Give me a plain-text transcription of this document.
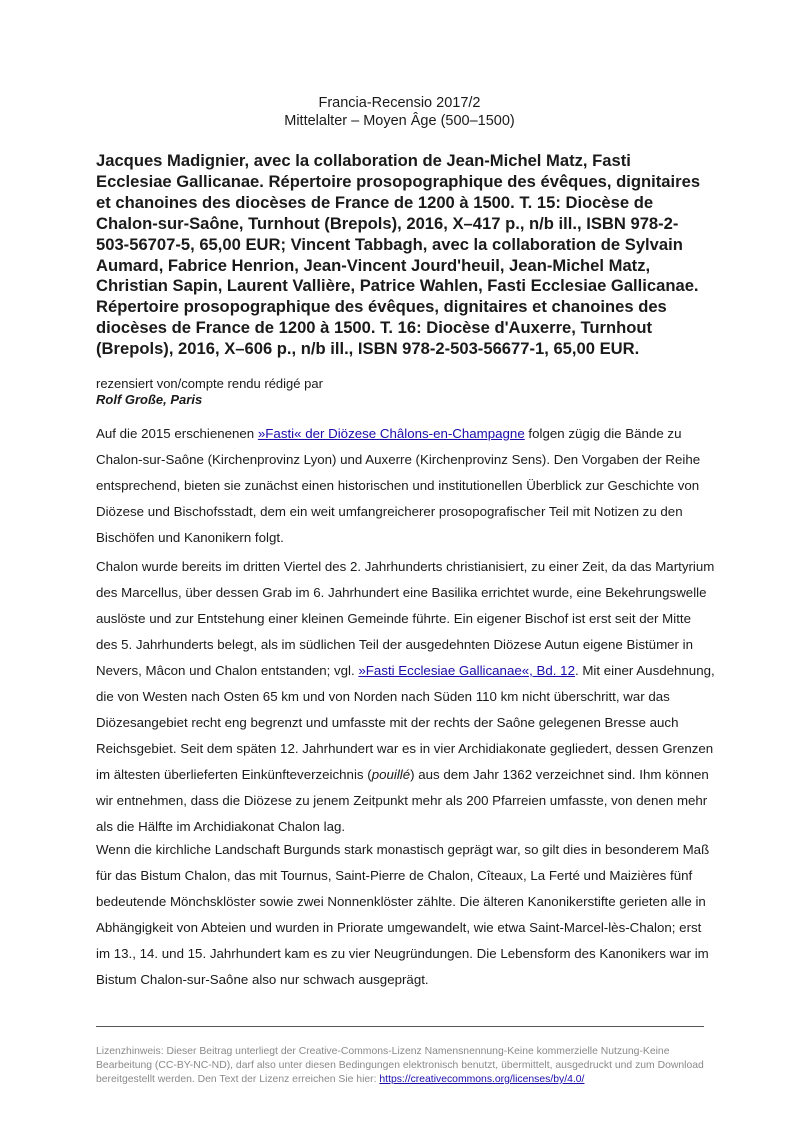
Francia-Recensio 2017/2
Mittelalter – Moyen Âge (500–1500)
Jacques Madignier, avec la collaboration de Jean-Michel Matz, Fasti Ecclesiae Gallicanae. Répertoire prosopographique des évêques, dignitaires et chanoines des diocèses de France de 1200 à 1500. T. 15: Diocèse de Chalon-sur-Saône, Turnhout (Brepols), 2016, X–417 p., n/b ill., ISBN 978-2-503-56707-5, 65,00 EUR; Vincent Tabbagh, avec la collaboration de Sylvain Aumard, Fabrice Henrion, Jean-Vincent Jourd'heuil, Jean-Michel Matz, Christian Sapin, Laurent Vallière, Patrice Wahlen, Fasti Ecclesiae Gallicanae. Répertoire prosopographique des évêques, dignitaires et chanoines des diocèses de France de 1200 à 1500. T. 16: Diocèse d'Auxerre, Turnhout (Brepols), 2016, X–606 p., n/b ill., ISBN 978-2-503-56677-1, 65,00 EUR.
rezensiert von/compte rendu rédigé par
Rolf Große, Paris
Auf die 2015 erschienenen »Fasti« der Diözese Châlons-en-Champagne folgen zügig die Bände zu Chalon-sur-Saône (Kirchenprovinz Lyon) und Auxerre (Kirchenprovinz Sens). Den Vorgaben der Reihe entsprechend, bieten sie zunächst einen historischen und institutionellen Überblick zur Geschichte von Diözese und Bischofsstadt, dem ein weit umfangreicherer prosopografischer Teil mit Notizen zu den Bischöfen und Kanonikern folgt.
Chalon wurde bereits im dritten Viertel des 2. Jahrhunderts christianisiert, zu einer Zeit, da das Martyrium des Marcellus, über dessen Grab im 6. Jahrhundert eine Basilika errichtet wurde, eine Bekehrungswelle auslöste und zur Entstehung einer kleinen Gemeinde führte. Ein eigener Bischof ist erst seit der Mitte des 5. Jahrhunderts belegt, als im südlichen Teil der ausgedehnten Diözese Autun eigene Bistümer in Nevers, Mâcon und Chalon entstanden; vgl. »Fasti Ecclesiae Gallicanae«, Bd. 12. Mit einer Ausdehnung, die von Westen nach Osten 65 km und von Norden nach Süden 110 km nicht überschritt, war das Diözesangebiet recht eng begrenzt und umfasste mit der rechts der Saône gelegenen Bresse auch Reichsgebiet. Seit dem späten 12. Jahrhundert war es in vier Archidiakonate gegliedert, dessen Grenzen im ältesten überlieferten Einkünfteverzeichnis (pouillé) aus dem Jahr 1362 verzeichnet sind. Ihm können wir entnehmen, dass die Diözese zu jenem Zeitpunkt mehr als 200 Pfarreien umfasste, von denen mehr als die Hälfte im Archidiakonat Chalon lag.
Wenn die kirchliche Landschaft Burgunds stark monastisch geprägt war, so gilt dies in besonderem Maß für das Bistum Chalon, das mit Tournus, Saint-Pierre de Chalon, Cîteaux, La Ferté und Maizières fünf bedeutende Mönchsklöster sowie zwei Nonnenklöster zählte. Die älteren Kanonikerstifte gerieten alle in Abhängigkeit von Abteien und wurden in Priorate umgewandelt, wie etwa Saint-Marcel-lès-Chalon; erst im 13., 14. und 15. Jahrhundert kam es zu vier Neugründungen. Die Lebensform des Kanonikers war im Bistum Chalon-sur-Saône also nur schwach ausgeprägt.
Lizenzhinweis: Dieser Beitrag unterliegt der Creative-Commons-Lizenz Namensnennung-Keine kommerzielle Nutzung-Keine Bearbeitung (CC-BY-NC-ND), darf also unter diesen Bedingungen elektronisch benutzt, übermittelt, ausgedruckt und zum Download bereitgestellt werden. Den Text der Lizenz erreichen Sie hier: https://creativecommons.org/licenses/by/4.0/
